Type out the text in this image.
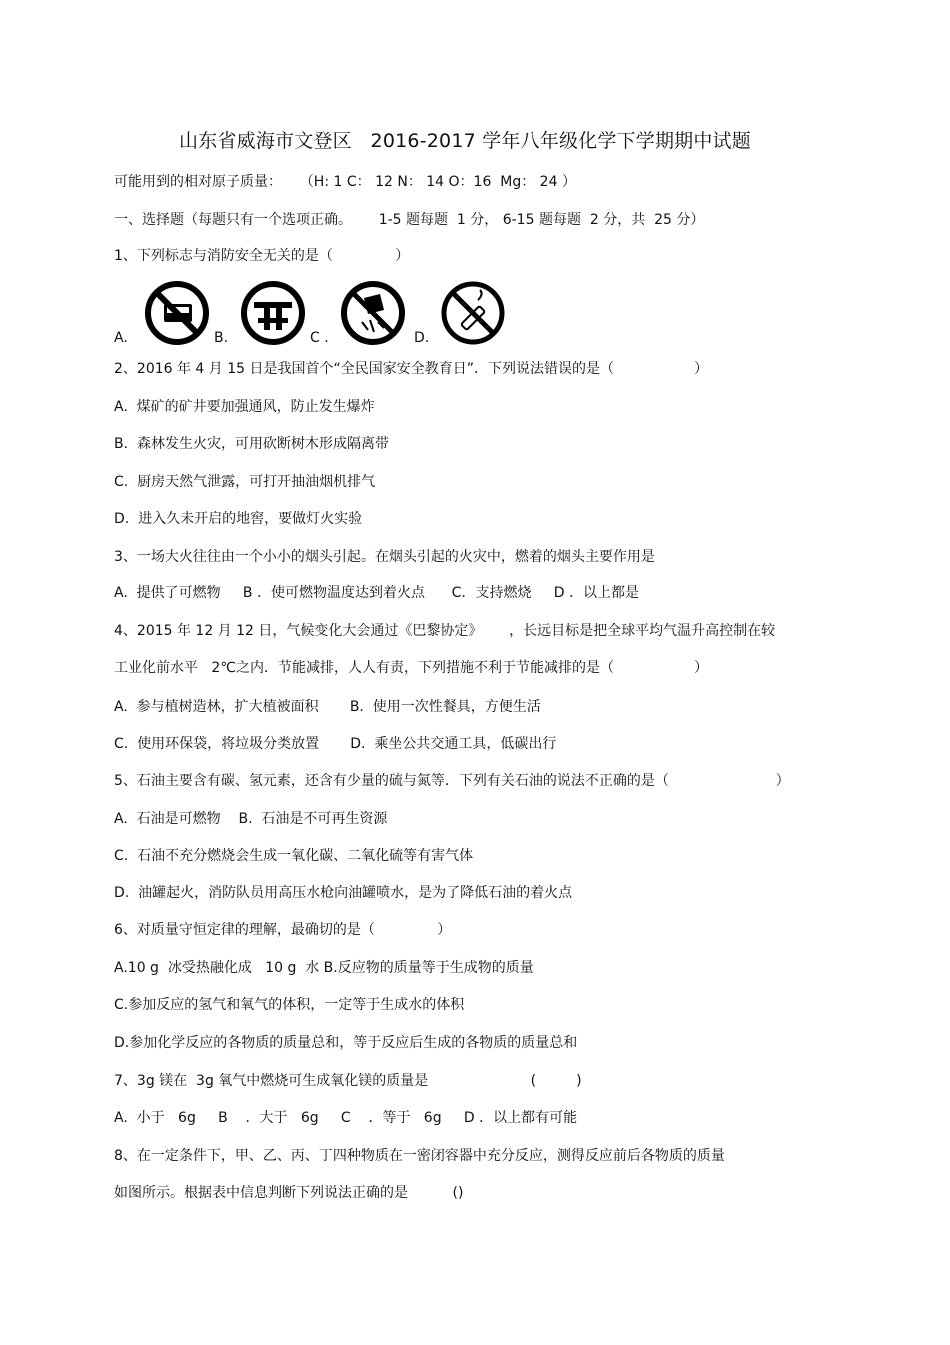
山东省威海市文登区   2016-2017 学年八年级化学下学期期中试题
可能用到的相对原子质量：    （H: 1 C： 12 N： 14 O：16  Mg： 24 ）
一、选择题（每题只有一个选项正确。      1-5 题每题  1 分， 6-15 题每题  2 分，共  25 分）
1、下列标志与消防安全无关的是（              ）
A.	B.	C .	D.
2、2016 年 4 月 15 日是我国首个“全民国家安全教育日”．下列说法错误的是（                  ）
A.  煤矿的矿井要加强通风，防止发生爆炸
B.  森林发生火灾，可用砍断树木形成隔离带
C.  厨房天然气泄露，可打开抽油烟机排气
D.  进入久未开启的地窖，要做灯火实验
3、一场大火往往由一个小小的烟头引起。在烟头引起的火灾中，燃着的烟头主要作用是
A.  提供了可燃物     B ．使可燃物温度达到着火点      C．支持燃烧     D ．以上都是
4、2015 年 12 月 12 日，气候变化大会通过《巴黎协定》      ，长远目标是把全球平均气温升高控制在较
工业化前水平   2℃之内．节能减排，人人有责，下列措施不利于节能减排的是（                  ）
A.  参与植树造林，扩大植被面积       B.  使用一次性餐具，方便生活
C.  使用环保袋，将垃圾分类放置       D.  乘坐公共交通工具，低碳出行
5、石油主要含有碳、氢元素，还含有少量的硫与氮等．下列有关石油的说法不正确的是（                        ）
A.  石油是可燃物    B.  石油是不可再生资源
C.  石油不充分燃烧会生成一氧化碳、二氧化硫等有害气体
D.  油罐起火，消防队员用高压水枪向油罐喷水，是为了降低石油的着火点
6、对质量守恒定律的理解，最确切的是（              ）
A.10 g  冰受热融化成   10 g  水 B.反应物的质量等于生成物的质量
C.参加反应的氢气和氧气的体积，一定等于生成水的体积
D.参加化学反应的各物质的质量总和，等于反应后生成的各物质的质量总和
7、3g 镁在  3g 氧气中燃烧可生成氧化镁的质量是                       (         )
A.  小于   6g     B    ．大于   6g     C    ．等于   6g     D ．以上都有可能
8、在一定条件下，甲、乙、丙、丁四种物质在一密闭容器中充分反应，测得反应前后各物质的质量
如图所示。根据表中信息判断下列说法正确的是          ()
